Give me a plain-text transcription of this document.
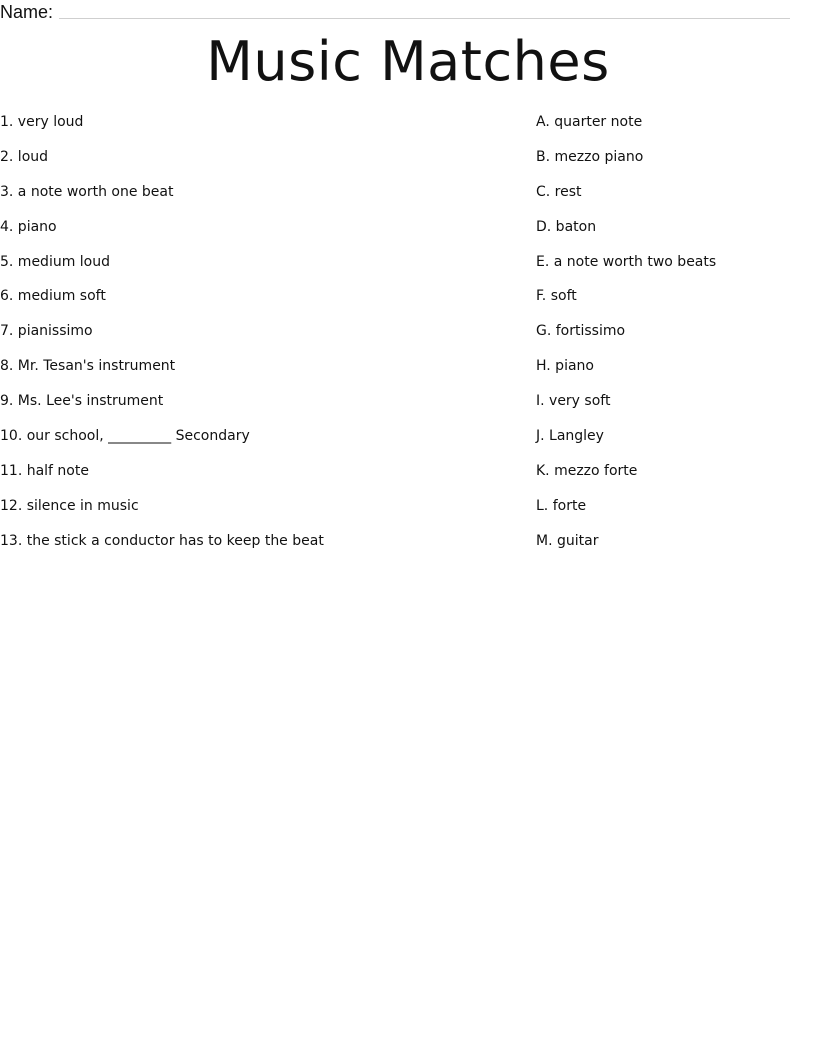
Name:
Music Matches
1. very loud
2. loud
3. a note worth one beat
4. piano
5. medium loud
6. medium soft
7. pianissimo
8. Mr. Tesan's instrument
9. Ms. Lee's instrument
10. our school, _________ Secondary
11. half note
12. silence in music
13. the stick a conductor has to keep the beat
A. quarter note
B. mezzo piano
C. rest
D. baton
E. a note worth two beats
F. soft
G. fortissimo
H. piano
I. very soft
J. Langley
K. mezzo forte
L. forte
M. guitar
